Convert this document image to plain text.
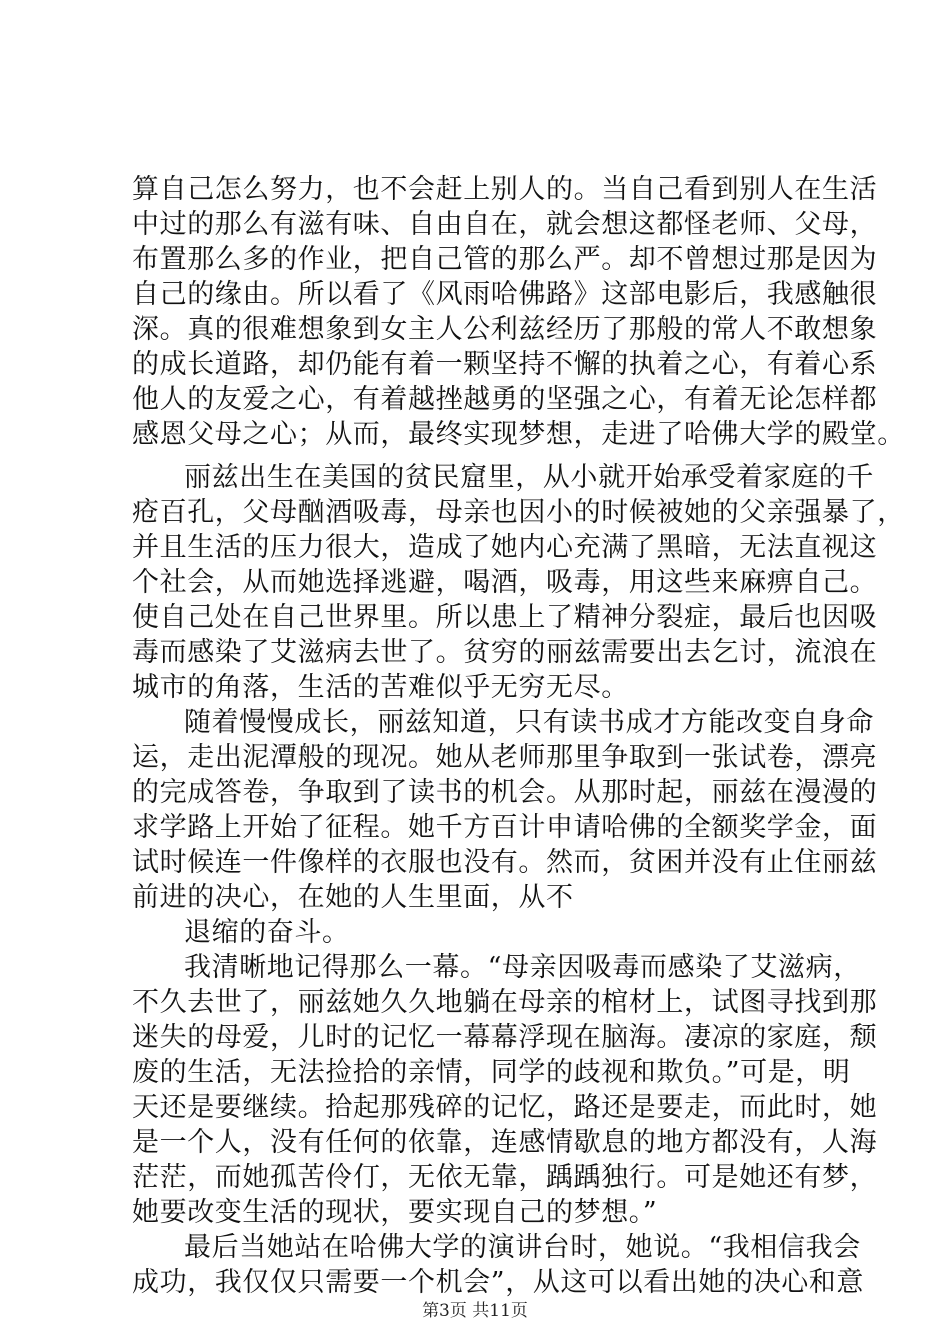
算自己怎么努力，也不会赶上别人的。当自己看到别人在生活
中过的那么有滋有味、自由自在，就会想这都怪老师、父母，
布置那么多的作业，把自己管的那么严。却不曾想过那是因为
自己的缘由。所以看了《风雨哈佛路》这部电影后，我感触很
深。真的很难想象到女主人公利兹经历了那般的常人不敢想象
的成长道路，却仍能有着一颗坚持不懈的执着之心，有着心系
他人的友爱之心，有着越挫越勇的坚强之心，有着无论怎样都
感恩父母之心；从而，最终实现梦想，走进了哈佛大学的殿堂。
丽兹出生在美国的贫民窟里，从小就开始承受着家庭的千
疮百孔，父母酗酒吸毒，母亲也因小的时候被她的父亲强暴了，
并且生活的压力很大，造成了她内心充满了黑暗，无法直视这
个社会，从而她选择逃避，喝酒，吸毒，用这些来麻痹自己。
使自己处在自己世界里。所以患上了精神分裂症，最后也因吸
毒而感染了艾滋病去世了。贫穷的丽兹需要出去乞讨，流浪在
城市的角落，生活的苦难似乎无穷无尽。
随着慢慢成长，丽兹知道，只有读书成才方能改变自身命
运，走出泥潭般的现况。她从老师那里争取到一张试卷，漂亮
的完成答卷，争取到了读书的机会。从那时起，丽兹在漫漫的
求学路上开始了征程。她千方百计申请哈佛的全额奖学金，面
试时候连一件像样的衣服也没有。然而，贫困并没有止住丽兹
前进的决心，在她的人生里面，从不
退缩的奋斗。
我清晰地记得那么一幕。“母亲因吸毒而感染了艾滋病，
不久去世了，丽兹她久久地躺在母亲的棺材上，试图寻找到那
迷失的母爱，儿时的记忆一幕幕浮现在脑海。凄凉的家庭，颓
废的生活，无法捡拾的亲情，同学的歧视和欺负。”可是，明
天还是要继续。拾起那残碎的记忆，路还是要走，而此时，她
是一个人，没有任何的依靠，连感情歇息的地方都没有，人海
茫茫，而她孤苦伶仃，无依无靠，踽踽独行。可是她还有梦，
她要改变生活的现状，要实现自己的梦想。”
最后当她站在哈佛大学的演讲台时，她说。“我相信我会
成功，我仅仅只需要一个机会”，从这可以看出她的决心和意
第3页 共11页
